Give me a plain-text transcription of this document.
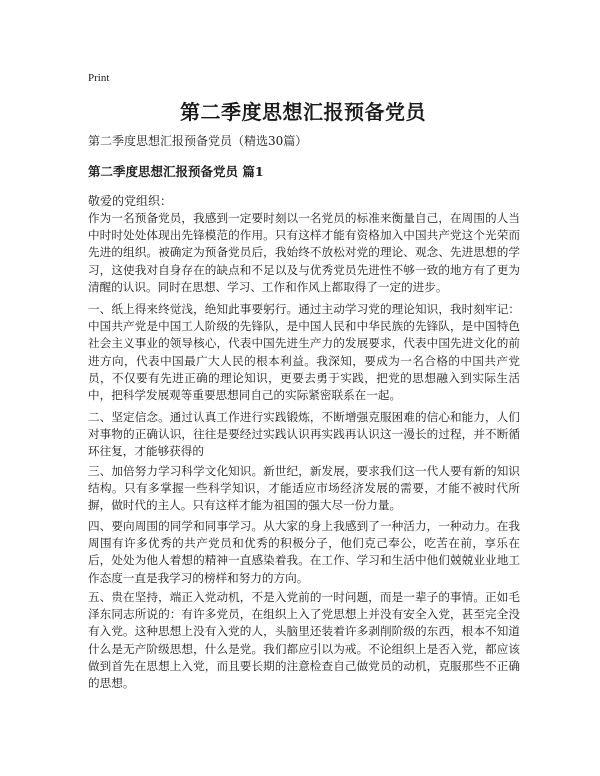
Print
第二季度思想汇报预备党员
第二季度思想汇报预备党员（精选30篇）
第二季度思想汇报预备党员 篇1
敬爱的党组织：

作为一名预备党员，我感到一定要时刻以一名党员的标准来衡量自己，在周围的人当中时时处处体现出先锋模范的作用。只有这样才能有资格加入中国共产党这个光荣而先进的组织。被确定为预备党员后，我始终不放松对党的理论、观念、先进思想的学习，这使我对自身存在的缺点和不足以及与优秀党员先进性不够一致的地方有了更为清醒的认识。同时在思想、学习、工作和作风上都取得了一定的进步。

一、纸上得来终觉浅，绝知此事要躬行。通过主动学习党的理论知识，我时刻牢记：中国共产党是中国工人阶级的先锋队，是中国人民和中华民族的先锋队，是中国特色社会主义事业的领导核心，代表中国先进生产力的发展要求，代表中国先进文化的前进方向，代表中国最广大人民的根本利益。我深知，要成为一名合格的中国共产党员，不仅要有先进正确的理论知识，更要去勇于实践，把党的思想融入到实际生活中，把科学发展观等重要思想同自己的实际紧密联系在一起。

二、坚定信念。通过认真工作进行实践锻炼，不断增强克服困难的信心和能力，人们对事物的正确认识，往往是要经过实践认识再实践再认识这一漫长的过程，并不断循环往复，才能够获得的

三、加倍努力学习科学文化知识。新世纪，新发展，要求我们这一代人要有新的知识结构。只有多掌握一些科学知识，才能适应市场经济发展的需要，才能不被时代所摒，做时代的主人。只有这样才能为祖国的强大尽一份力量。

四、要向周围的同学和同事学习。从大家的身上我感到了一种活力，一种动力。在我周围有许多优秀的共产党员和优秀的积极分子，他们克己奉公，吃苦在前，享乐在后，处处为他人着想的精神一直感染着我。在工作、学习和生活中他们兢兢业业地工作态度一直是我学习的榜样和努力的方向。

五、贵在坚持，端正入党动机，不是入党前的一时问题，而是一辈子的事情。正如毛泽东同志所说的：有许多党员，在组织上入了党思想上并没有安全入党，甚至完全没有入党。这种思想上没有入党的人，头脑里还装着许多剥削阶级的东西，根本不知道什么是无产阶级思想，什么是党。我们都应引以为戒。不论组织上是否入党，都应该做到首先在思想上入党，而且要长期的注意检查自己做党员的动机，克服那些不正确的思想。
